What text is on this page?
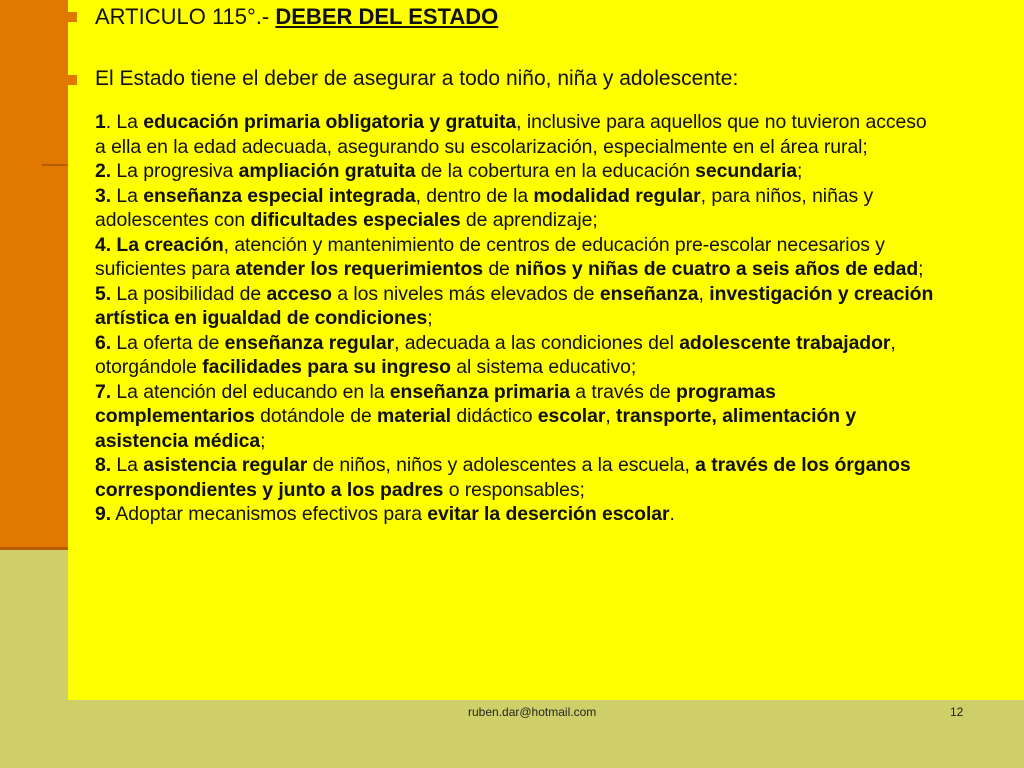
ARTICULO 115°.- DEBER DEL ESTADO
El Estado tiene el deber de asegurar a todo niño, niña y adolescente:

1. La educación primaria obligatoria y gratuita, inclusive para aquellos que no tuvieron acceso a ella en la edad adecuada, asegurando su escolarización, especialmente en el área rural;

2. La progresiva ampliación gratuita de la cobertura en la educación secundaria;

3. La enseñanza especial integrada, dentro de la modalidad regular, para niños, niñas y adolescentes con dificultades especiales de aprendizaje;

4. La creación, atención y mantenimiento de centros de educación pre-escolar necesarios y suficientes para atender los requerimientos de niños y niñas de cuatro a seis años de edad;

5. La posibilidad de acceso a los niveles más elevados de enseñanza, investigación y creación artística en igualdad de condiciones;

6. La oferta de enseñanza regular, adecuada a las condiciones del adolescente trabajador, otorgándole facilidades para su ingreso al sistema educativo;

7. La atención del educando en la enseñanza primaria a través de programas complementarios dotándole de material didáctico escolar, transporte, alimentación y asistencia médica;

8. La asistencia regular de niños, niños y adolescentes a la escuela, a través de los órganos correspondientes y junto a los padres o responsables;

9. Adoptar mecanismos efectivos para evitar la deserción escolar.

ruben.dar@hotmail.com	12
